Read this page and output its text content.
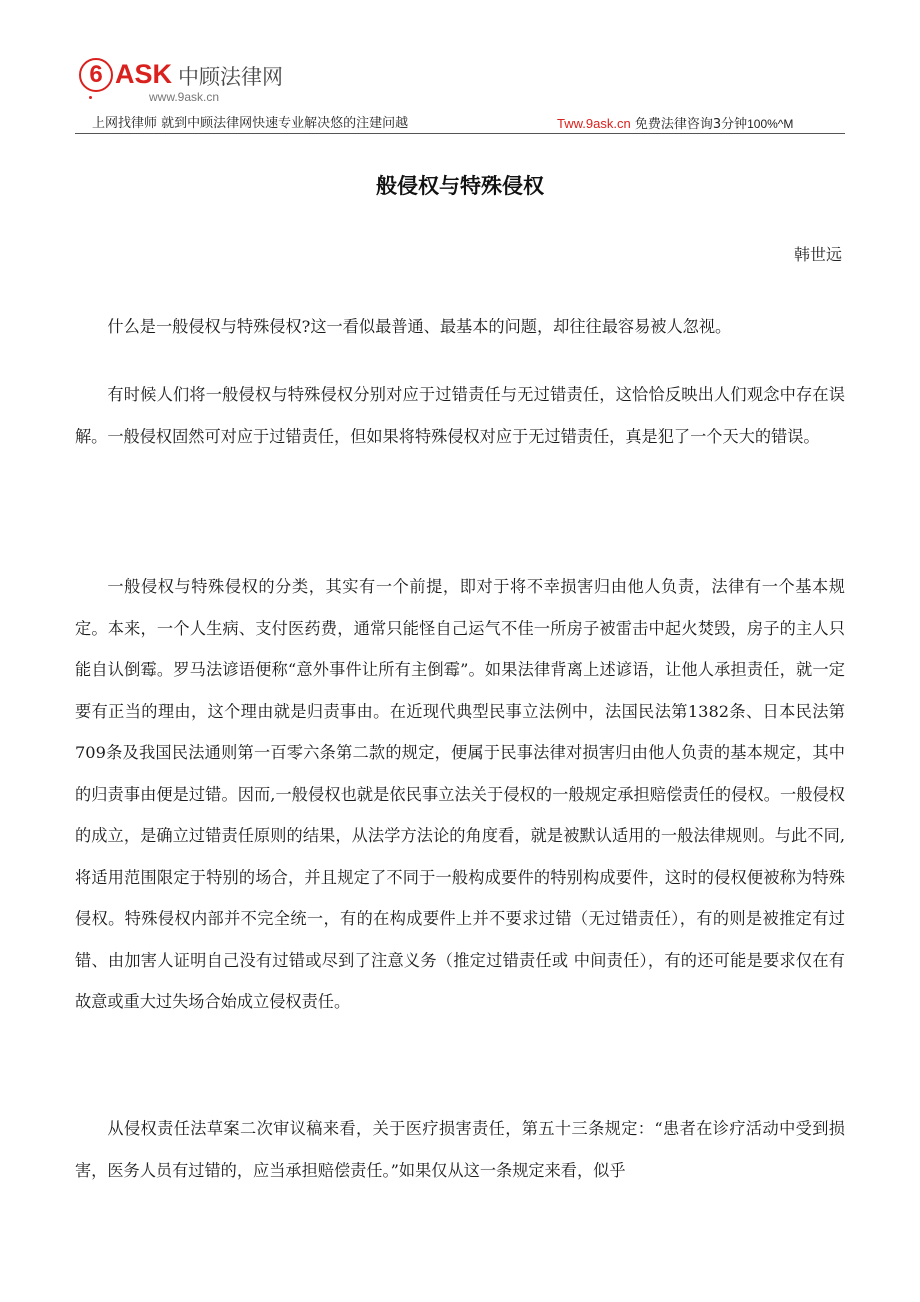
6 ASK 中顾法律网
www.9ask.cn
上网找律师 就到中顾法律网快速专业解决悠的注建问越	Tww.9ask.cn 免费法律咨询3分钟100%^M
般侵权与特殊侵权
韩世远

什么是一般侵权与特殊侵权?这一看似最普通、最基本的问题，却往往最容易被人忽视。

有时候人们将一般侵权与特殊侵权分别对应于过错责任与无过错责任，这恰恰反映出人们观念中存在误解。一般侵权固然可对应于过错责任，但如果将特殊侵权对应于无过错责任，真是犯了一个天大的错误。

一般侵权与特殊侵权的分类，其实有一个前提，即对于将不幸损害归由他人负责，法律有一个基本规定。本来，一个人生病、支付医药费，通常只能怪自己运气不佳一所房子被雷击中起火焚毁，房子的主人只能自认倒霉。罗马法谚语便称“意外事件让所有主倒霉”。如果法律背离上述谚语，让他人承担责任，就一定要有正当的理由，这个理由就是归责事由。在近现代典型民事立法例中，法国民法第1382条、日本民法第709条及我国民法通则第一百零六条第二款的规定，便属于民事法律对损害归由他人负责的基本规定，其中的归责事由便是过错。因而,一般侵权也就是依民事立法关于侵权的一般规定承担赔偿责任的侵权。一般侵权的成立，是确立过错责任原则的结果，从法学方法论的角度看，就是被默认适用的一般法律规则。与此不同,将适用范围限定于特别的场合，并且规定了不同于一般构成要件的特别构成要件，这时的侵权便被称为特殊侵权。特殊侵权内部并不完全统一，有的在构成要件上并不要求过错（无过错责任），有的则是被推定有过错、由加害人证明自己没有过错或尽到了注意义务（推定过错责任或 中间责任），有的还可能是要求仅在有故意或重大过失场合始成立侵权责任。

从侵权责任法草案二次审议稿来看，关于医疗损害责任，第五十三条规定：“患者在诊疗活动中受到损害，医务人员有过错的，应当承担赔偿责任。”如果仅从这一条规定来看，似乎
